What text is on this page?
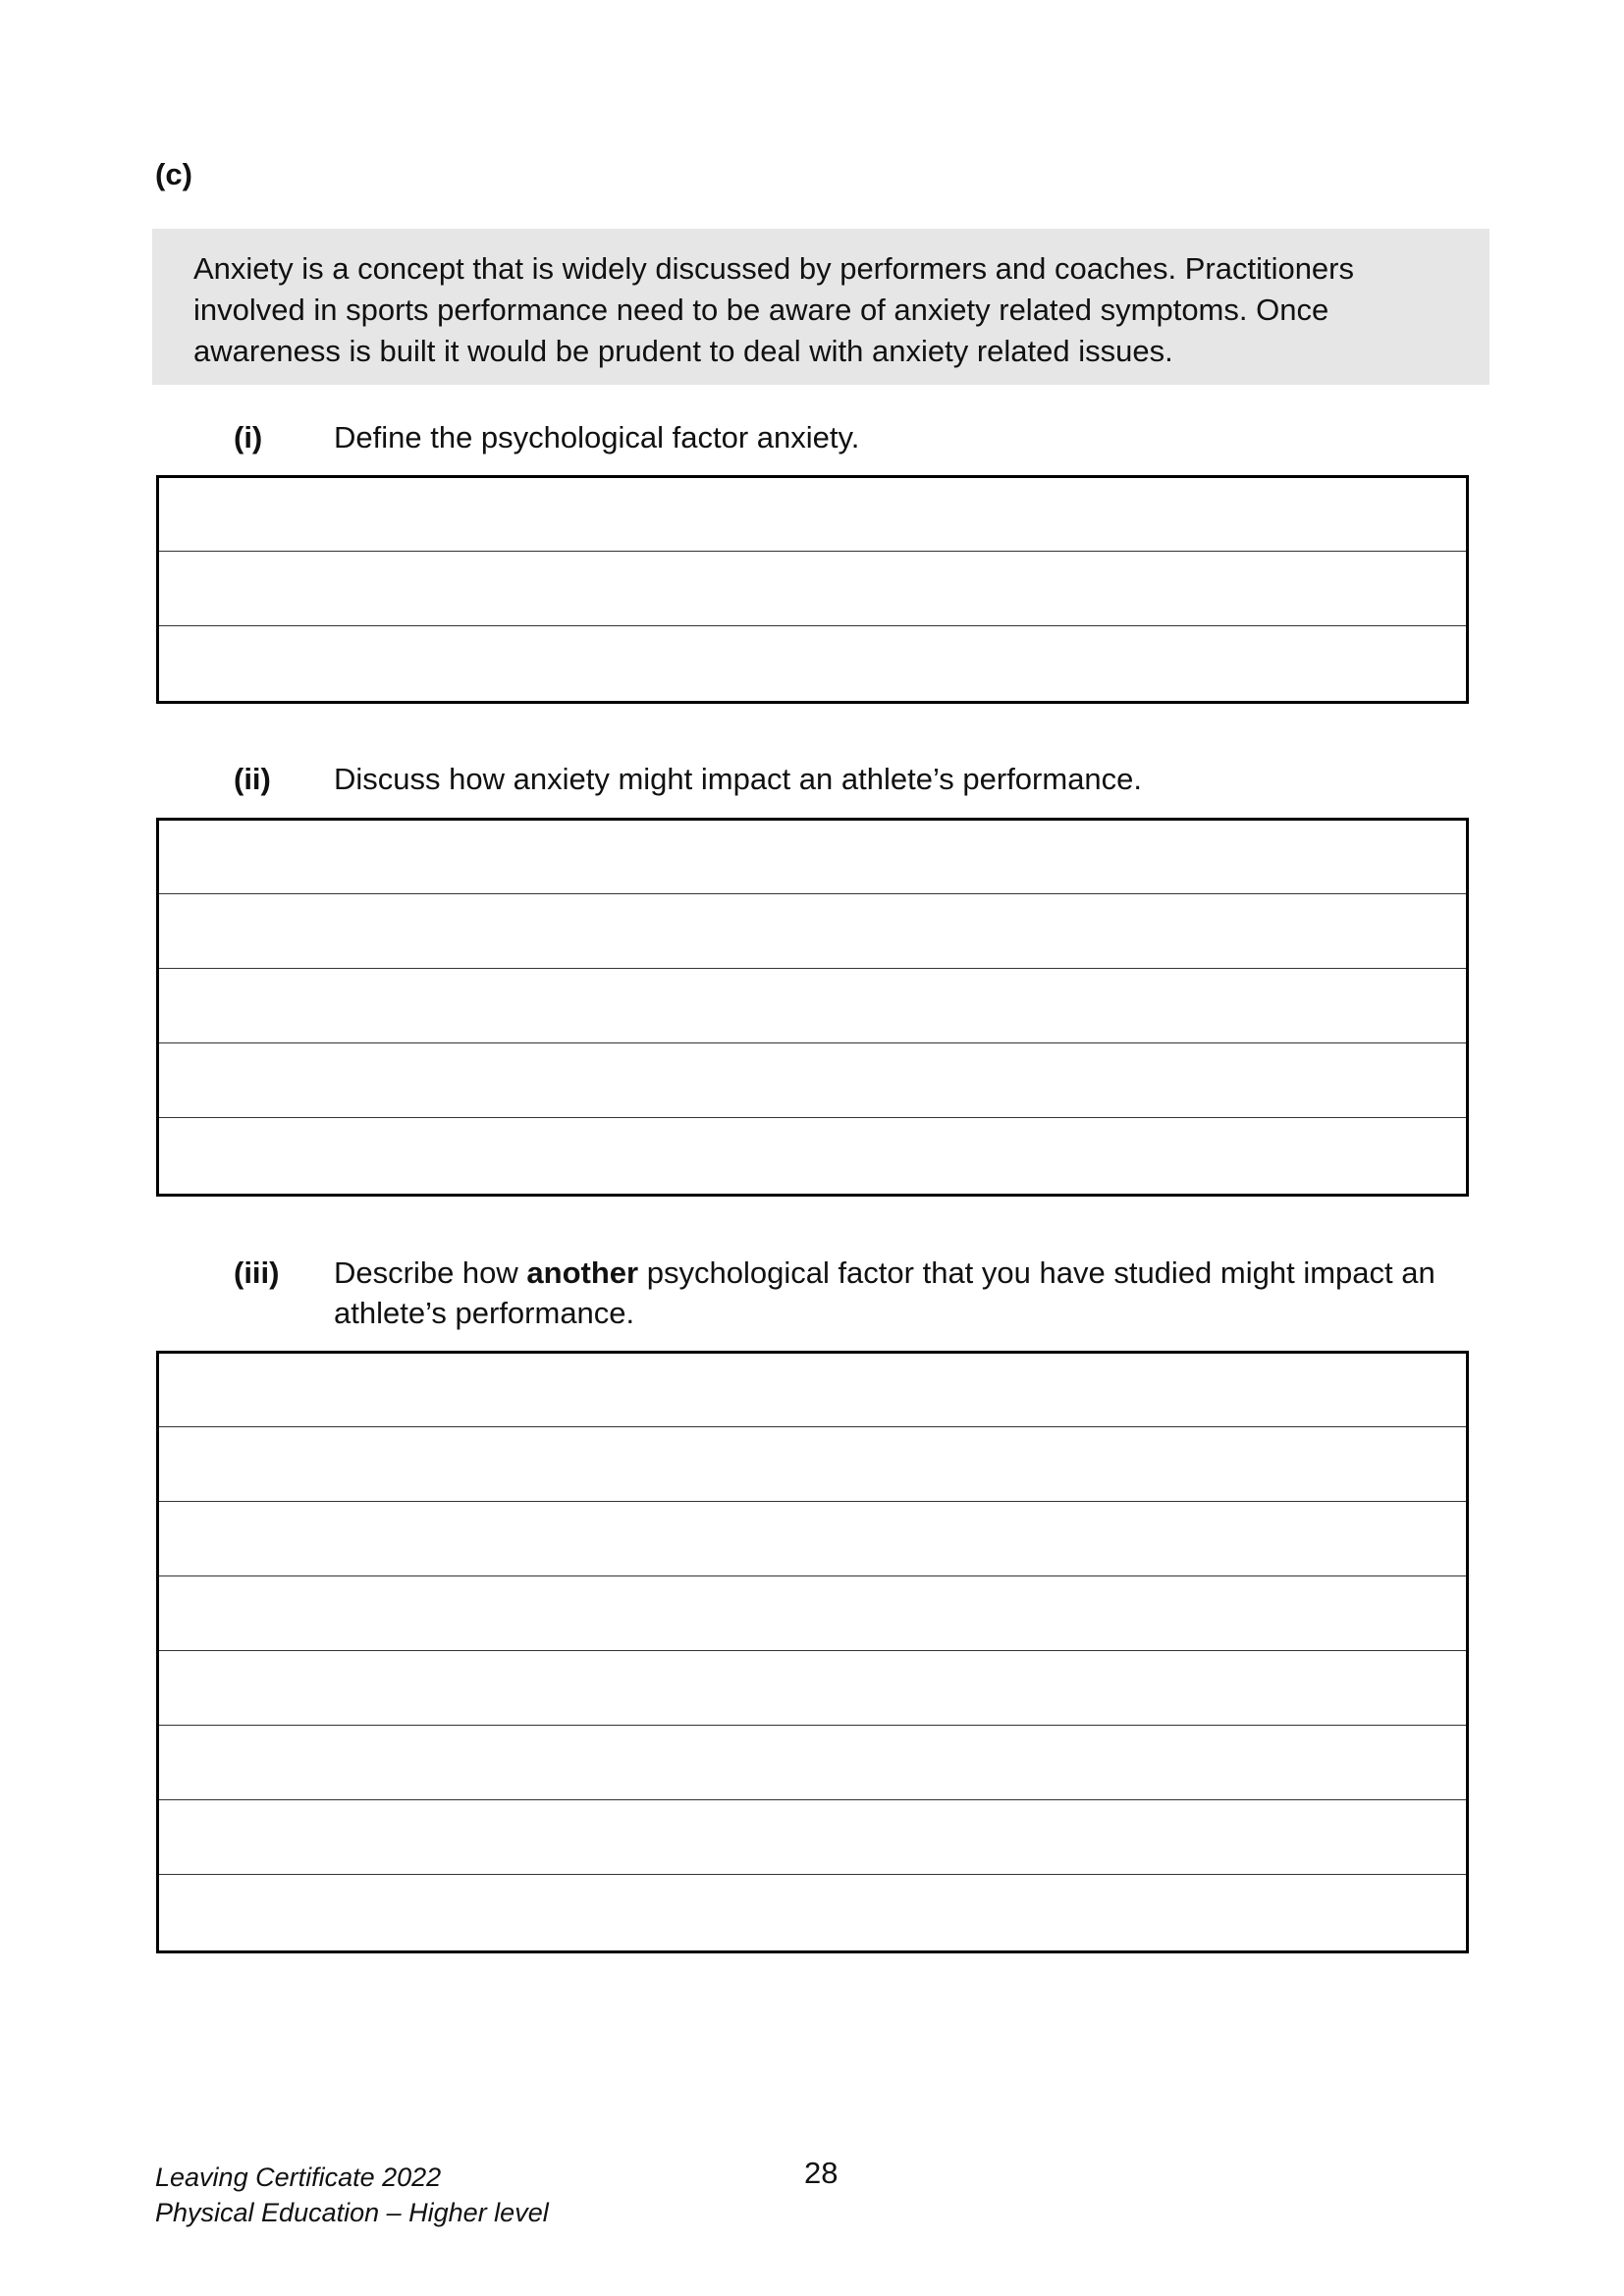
(c)
Anxiety is a concept that is widely discussed by performers and coaches. Practitioners
involved in sports performance need to be aware of anxiety related symptoms. Once
awareness is built it would be prudent to deal with anxiety related issues.
(i) Define the psychological factor anxiety.
(ii) Discuss how anxiety might impact an athlete’s performance.
(iii) Describe how another psychological factor that you have studied might impact an
athlete’s performance.
Leaving Certificate 2022
Physical Education – Higher level
28
